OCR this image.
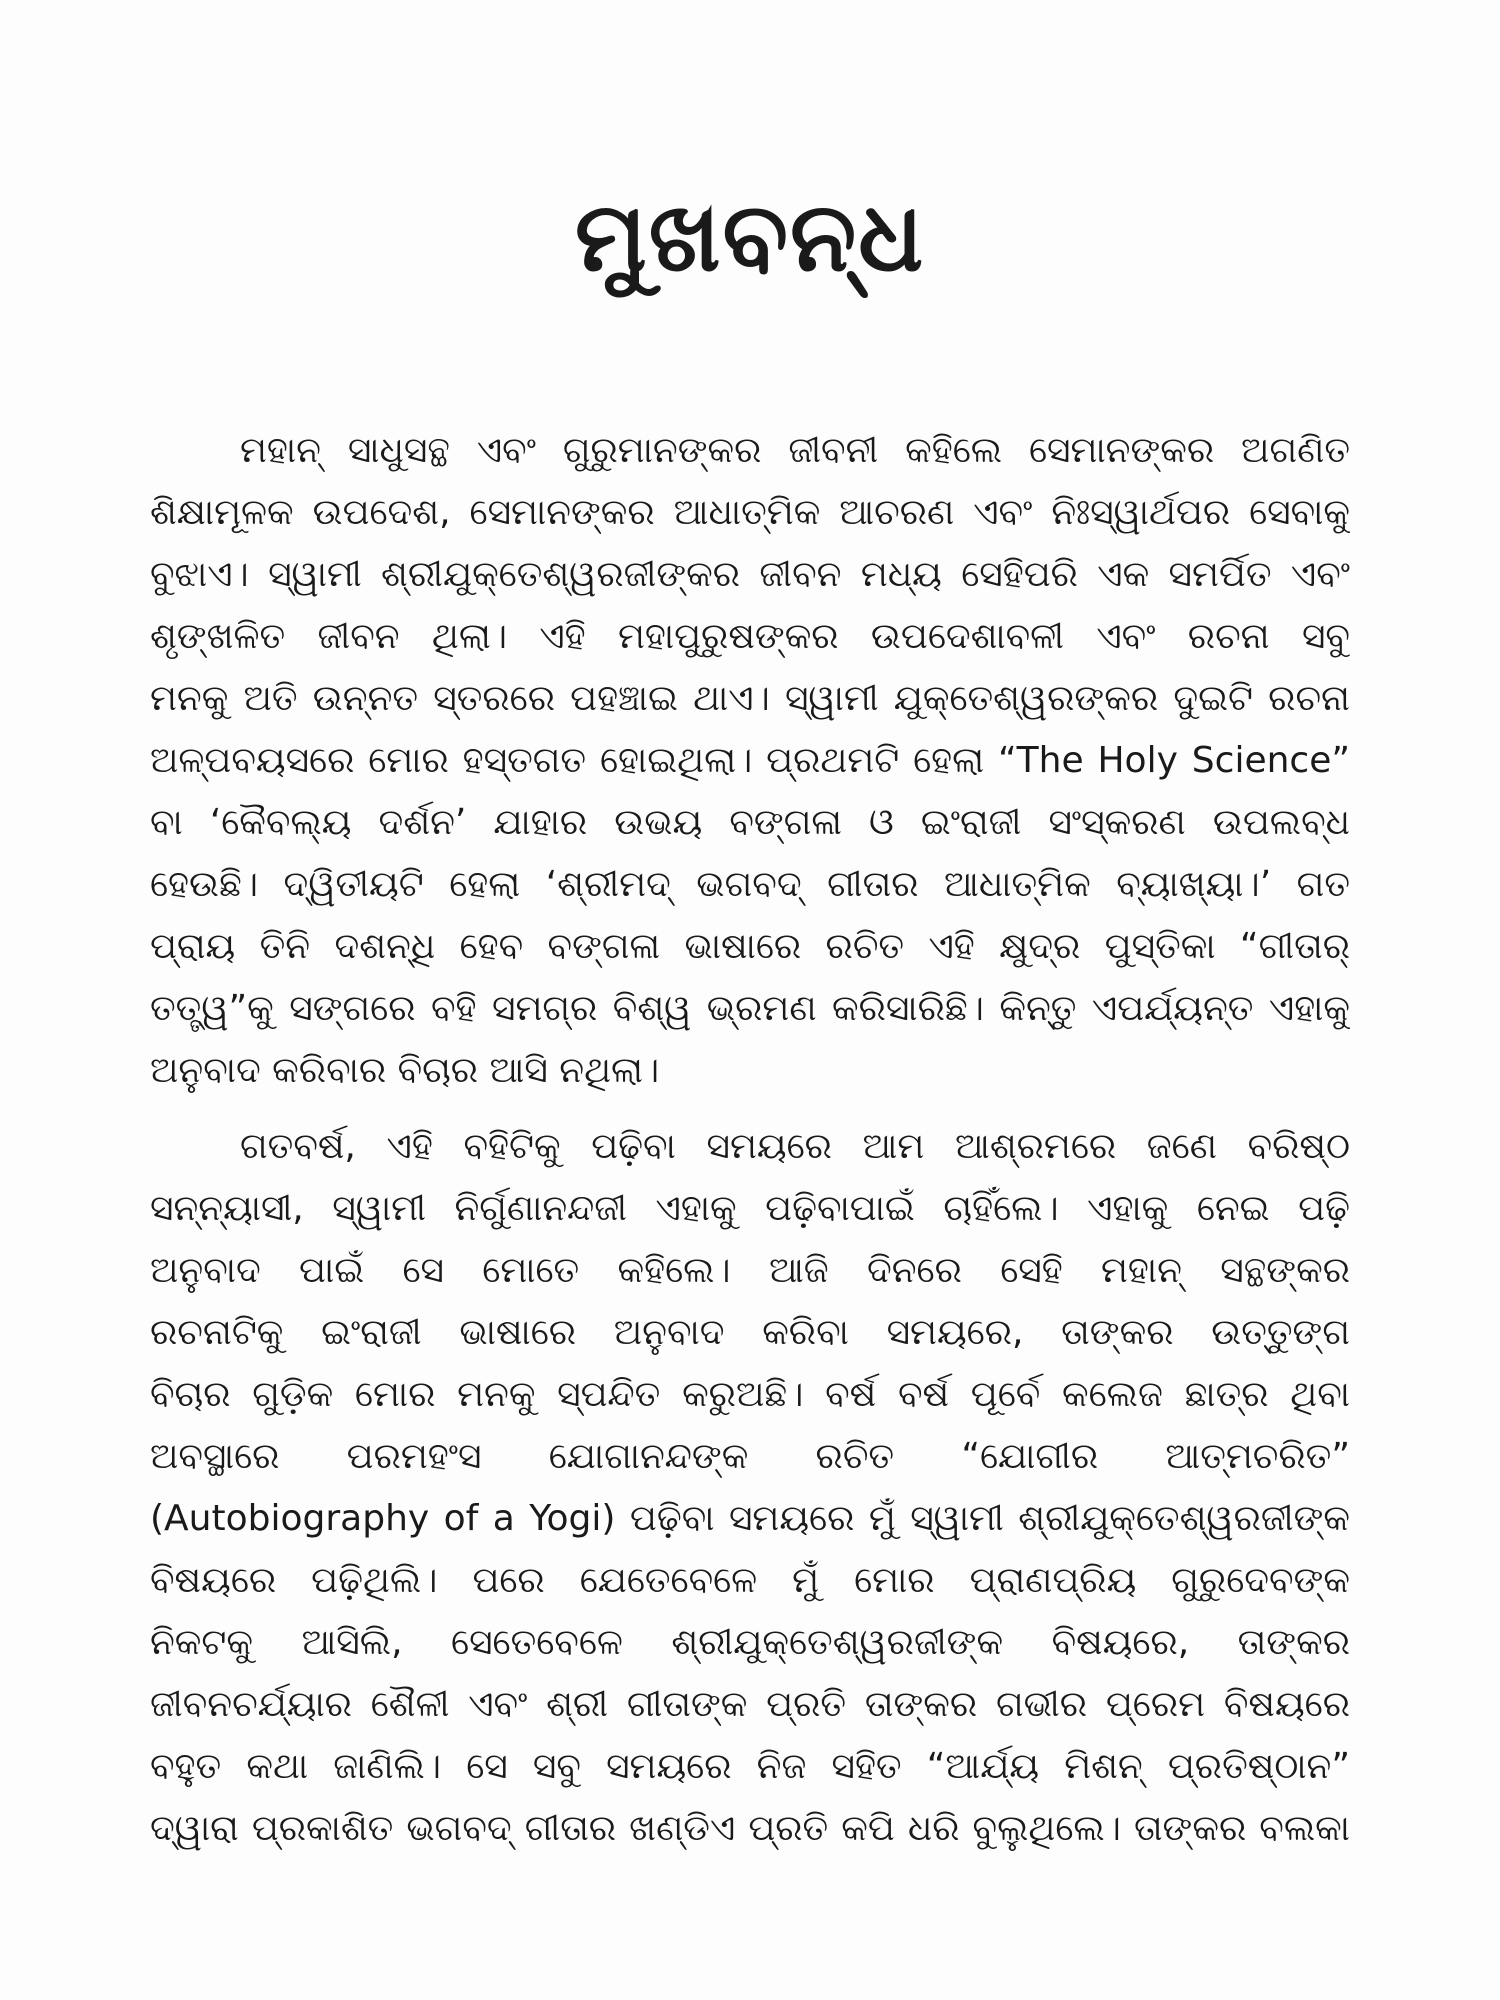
ମୁଖବନ୍ଧ
ମହାନ୍ ସାଧୁସନ୍ଥ ଏବଂ ଗୁରୁମାନଙ୍କର ଜୀବନୀ କହିଲେ ସେମାନଙ୍କର ଅଗଣିତ
ଶିକ୍ଷାମୂଳକ ଉପଦେଶ, ସେମାନଙ୍କର ଆଧାତ୍ମିକ ଆଚରଣ ଏବଂ ନିଃସ୍ୱାର୍ଥପର ସେବାକୁ
ବୁଝାଏ। ସ୍ୱାମୀ ଶ୍ରୀଯୁକ୍ତେଶ୍ୱରଜୀଙ୍କର ଜୀବନ ମଧ୍ୟ ସେହିପରି ଏକ ସମର୍ପିତ ଏବଂ
ଶୃଙ୍ଖଳିତ ଜୀବନ ଥିଲା। ଏହି ମହାପୁରୁଷଙ୍କର ଉପଦେଶାବଳୀ ଏବଂ ରଚନା ସବୁ
ମନକୁ ଅତି ଉନ୍ନତ ସ୍ତରରେ ପହଞ୍ଚାଇ ଥାଏ। ସ୍ୱାମୀ ଯୁକ୍ତେଶ୍ୱରଙ୍କର ଦୁଇଟି ରଚନା
ଅଳ୍ପବୟସରେ ମୋର ହସ୍ତଗତ ହୋଇଥିଲା। ପ୍ରଥମଟି ହେଲା “The Holy Science”
ବା ‘କୈବଲ୍ୟ ଦର୍ଶନ’ ଯାହାର ଉଭୟ ବଙ୍ଗଳା ଓ ଇଂରାଜୀ ସଂସ୍କରଣ ଉପଲବ୍ଧ
ହେଉଛି। ଦ୍ୱିତୀୟଟି ହେଲା ‘ଶ୍ରୀମଦ୍ ଭଗବଦ୍ ଗୀତାର ଆଧାତ୍ମିକ ବ୍ୟାଖ୍ୟା।’ ଗତ
ପ୍ରାୟ ତିନି ଦଶନ୍ଧି ହେବ ବଙ୍ଗଳା ଭାଷାରେ ରଚିତ ଏହି କ୍ଷୁଦ୍ର ପୁସ୍ତିକା “ଗୀତାର୍
ତତ୍ତ୍ୱ”କୁ ସଙ୍ଗରେ ବହି ସମଗ୍ର ବିଶ୍ୱ ଭ୍ରମଣ କରିସାରିଛି। କିନ୍ତୁ ଏପର୍ଯ୍ୟନ୍ତ ଏହାକୁ
ଅନୁବାଦ କରିବାର ବିଚାର ଆସି ନଥିଲା।
ଗତବର୍ଷ, ଏହି ବହିଟିକୁ ପଢ଼ିବା ସମୟରେ ଆମ ଆଶ୍ରମରେ ଜଣେ ବରିଷ୍ଠ
ସନ୍ନ୍ୟାସୀ, ସ୍ୱାମୀ ନିର୍ଗୁଣାନନ୍ଦଜୀ ଏହାକୁ ପଢ଼ିବାପାଇଁ ଚାହିଁଲେ। ଏହାକୁ ନେଇ ପଢ଼ି
ଅନୁବାଦ ପାଇଁ ସେ ମୋତେ କହିଲେ। ଆଜି ଦିନରେ ସେହି ମହାନ୍ ସନ୍ଥଙ୍କର
ରଚନାଟିକୁ ଇଂରାଜୀ ଭାଷାରେ ଅନୁବାଦ କରିବା ସମୟରେ, ତାଙ୍କର ଉତ୍ତୁଙ୍ଗ
ବିଚାର ଗୁଡ଼ିକ ମୋର ମନକୁ ସ୍ପନ୍ଦିତ କରୁଅଛି। ବର୍ଷ ବର୍ଷ ପୂର୍ବେ କଲେଜ ଛାତ୍ର ଥିବା
ଅବସ୍ଥାରେ ପରମହଂସ ଯୋଗାନନ୍ଦଙ୍କ ରଚିତ “ଯୋଗୀର ଆତ୍ମଚରିତ”
(Autobiography of a Yogi) ପଢ଼ିବା ସମୟରେ ମୁଁ ସ୍ୱାମୀ ଶ୍ରୀଯୁକ୍ତେଶ୍ୱରଜୀଙ୍କ
ବିଷୟରେ ପଢ଼ିଥିଲି। ପରେ ଯେତେବେଳେ ମୁଁ ମୋର ପ୍ରାଣପ୍ରିୟ ଗୁରୁଦେବଙ୍କ
ନିକଟକୁ ଆସିଲି, ସେତେବେଳେ ଶ୍ରୀଯୁକ୍ତେଶ୍ୱରଜୀଙ୍କ ବିଷୟରେ, ତାଙ୍କର
ଜୀବନଚର୍ଯ୍ୟାର ଶୈଳୀ ଏବଂ ଶ୍ରୀ ଗୀତାଙ୍କ ପ୍ରତି ତାଙ୍କର ଗଭୀର ପ୍ରେମ ବିଷୟରେ
ବହୁତ କଥା ଜାଣିଲି। ସେ ସବୁ ସମୟରେ ନିଜ ସହିତ “ଆର୍ଯ୍ୟ ମିଶନ୍ ପ୍ରତିଷ୍ଠାନ”
ଦ୍ୱାରା ପ୍ରକାଶିତ ଭଗବଦ୍ ଗୀତାର ଖଣ୍ଡିଏ ପ୍ରତି କପି ଧରି ବୁଲୁଥିଲେ। ତାଙ୍କର ବଲକା
